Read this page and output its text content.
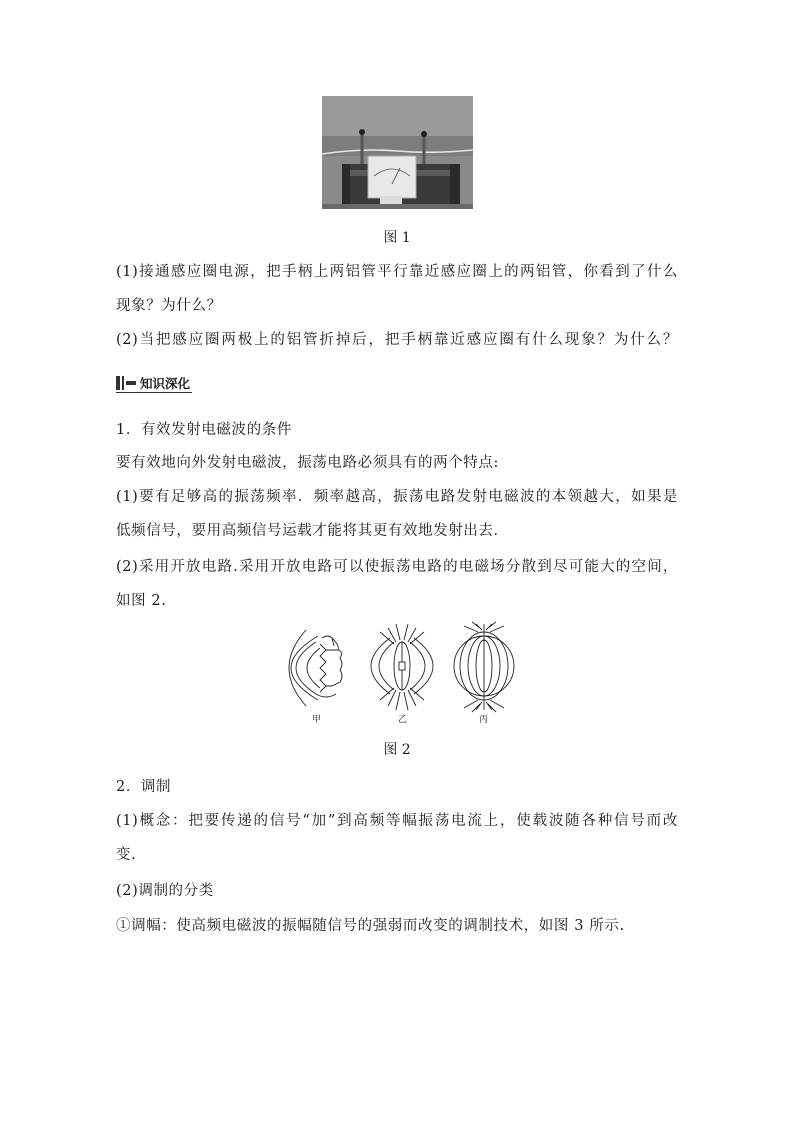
图 1
(1)接通感应圈电源，把手柄上两铝管平行靠近感应圈上的两铝管，你看到了什么
现象？为什么？
(2)当把感应圈两极上的铝管折掉后，把手柄靠近感应圈有什么现象？为什么？
知识深化
1．有效发射电磁波的条件
要有效地向外发射电磁波，振荡电路必须具有的两个特点:
(1)要有足够高的振荡频率．频率越高，振荡电路发射电磁波的本领越大，如果是
低频信号，要用高频信号运载才能将其更有效地发射出去．
(2)采用开放电路.采用开放电路可以使振荡电路的电磁场分散到尽可能大的空间，
如图 2.
甲	乙	丙
图 2
2．调制
(1)概念：把要传递的信号“加”到高频等幅振荡电流上，使载波随各种信号而改
变.
(2)调制的分类
①调幅：使高频电磁波的振幅随信号的强弱而改变的调制技术，如图 3 所示.
